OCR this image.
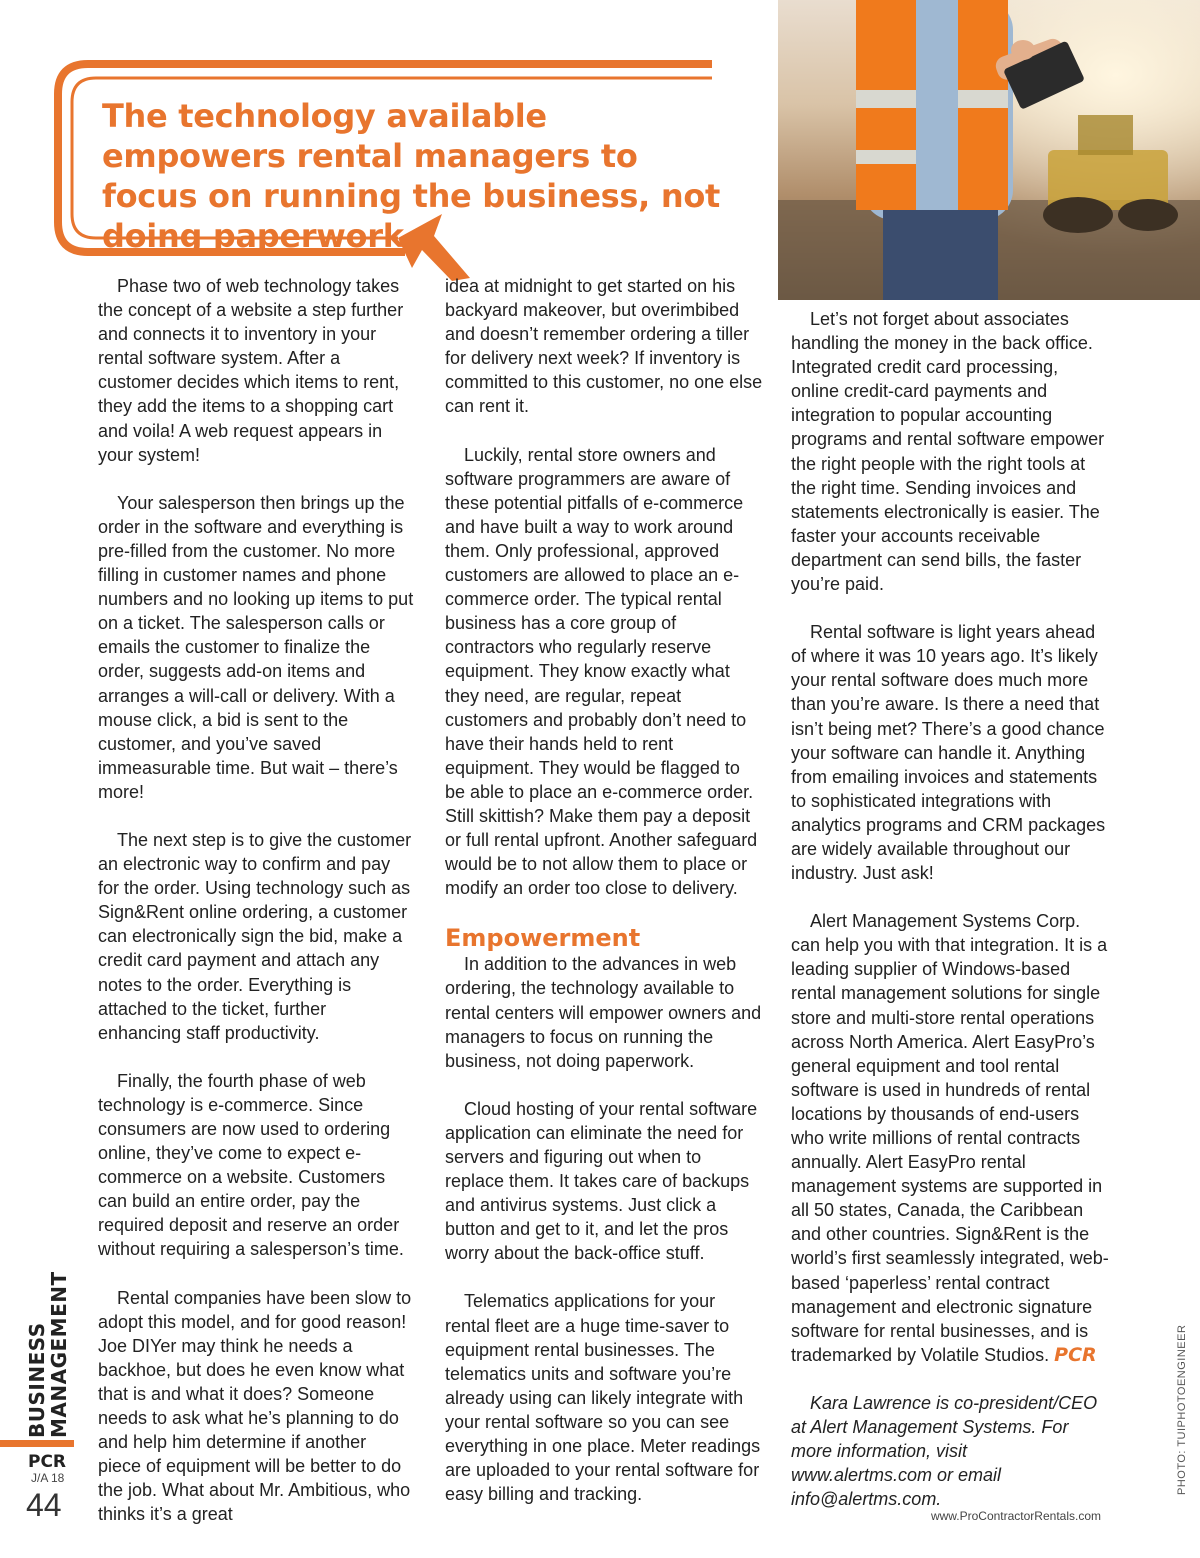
The technology available empowers rental managers to focus on running the business, not doing paperwork

Phase two of web technology takes the concept of a website a step further and connects it to inventory in your rental software system. After a customer decides which items to rent, they add the items to a shopping cart and voila! A web request appears in your system!

Your salesperson then brings up the order in the software and everything is pre-filled from the customer. No more filling in customer names and phone numbers and no looking up items to put on a ticket. The salesperson calls or emails the customer to finalize the order, suggests add-on items and arranges a will-call or delivery. With a mouse click, a bid is sent to the customer, and you’ve saved immeasurable time. But wait – there’s more!

The next step is to give the customer an electronic way to confirm and pay for the order. Using technology such as Sign&Rent online ordering, a customer can electronically sign the bid, make a credit card payment and attach any notes to the order. Everything is attached to the ticket, further enhancing staff productivity.

Finally, the fourth phase of web technology is e-commerce. Since consumers are now used to ordering online, they’ve come to expect e-commerce on a website. Customers can build an entire order, pay the required deposit and reserve an order without requiring a salesperson’s time.

Rental companies have been slow to adopt this model, and for good reason! Joe DIYer may think he needs a backhoe, but does he even know what that is and what it does? Someone needs to ask what he’s planning to do and help him determine if another piece of equipment will be better to do the job. What about Mr. Ambitious, who thinks it’s a great

idea at midnight to get started on his backyard makeover, but overimbibed and doesn’t remember ordering a tiller for delivery next week? If inventory is committed to this customer, no one else can rent it.

Luckily, rental store owners and software programmers are aware of these potential pitfalls of e-commerce and have built a way to work around them. Only professional, approved customers are allowed to place an e-commerce order. The typical rental business has a core group of contractors who regularly reserve equipment. They know exactly what they need, are regular, repeat customers and probably don’t need to have their hands held to rent equipment. They would be flagged to be able to place an e-commerce order. Still skittish? Make them pay a deposit or full rental upfront. Another safeguard would be to not allow them to place or modify an order too close to delivery.

Empowerment

In addition to the advances in web ordering, the technology available to rental centers will empower owners and managers to focus on running the business, not doing paperwork.

Cloud hosting of your rental software application can eliminate the need for servers and figuring out when to replace them. It takes care of backups and antivirus systems. Just click a button and get to it, and let the pros worry about the back-office stuff.

Telematics applications for your rental fleet are a huge time-saver to equipment rental businesses. The telematics units and software you’re already using can likely integrate with your rental software so you can see everything in one place. Meter readings are uploaded to your rental software for easy billing and tracking.

Let’s not forget about associates handling the money in the back office. Integrated credit card processing, online credit-card payments and integration to popular accounting programs and rental software empower the right people with the right tools at the right time. Sending invoices and statements electronically is easier. The faster your accounts receivable department can send bills, the faster you’re paid.

Rental software is light years ahead of where it was 10 years ago. It’s likely your rental software does much more than you’re aware. Is there a need that isn’t being met? There’s a good chance your software can handle it. Anything from emailing invoices and statements to sophisticated integrations with analytics programs and CRM packages are widely available throughout our industry. Just ask!

Alert Management Systems Corp. can help you with that integration. It is a leading supplier of Windows-based rental management solutions for single store and multi-store rental operations across North America. Alert EasyPro’s general equipment and tool rental software is used in hundreds of rental locations by thousands of end-users who write millions of rental contracts annually. Alert EasyPro rental management systems are supported in all 50 states, Canada, the Caribbean and other countries. Sign&Rent is the world’s first seamlessly integrated, web-based ‘paperless’ rental contract management and electronic signature software for rental businesses, and is trademarked by Volatile Studios. PCR

Kara Lawrence is co-president/CEO at Alert Management Systems. For more information, visit www.alertms.com or email info@alertms.com.

BUSINESS
MANAGEMENT
PCR
J/A 18
44
PHOTO: TUIPHOTOENGINEER
www.ProContractorRentals.com
